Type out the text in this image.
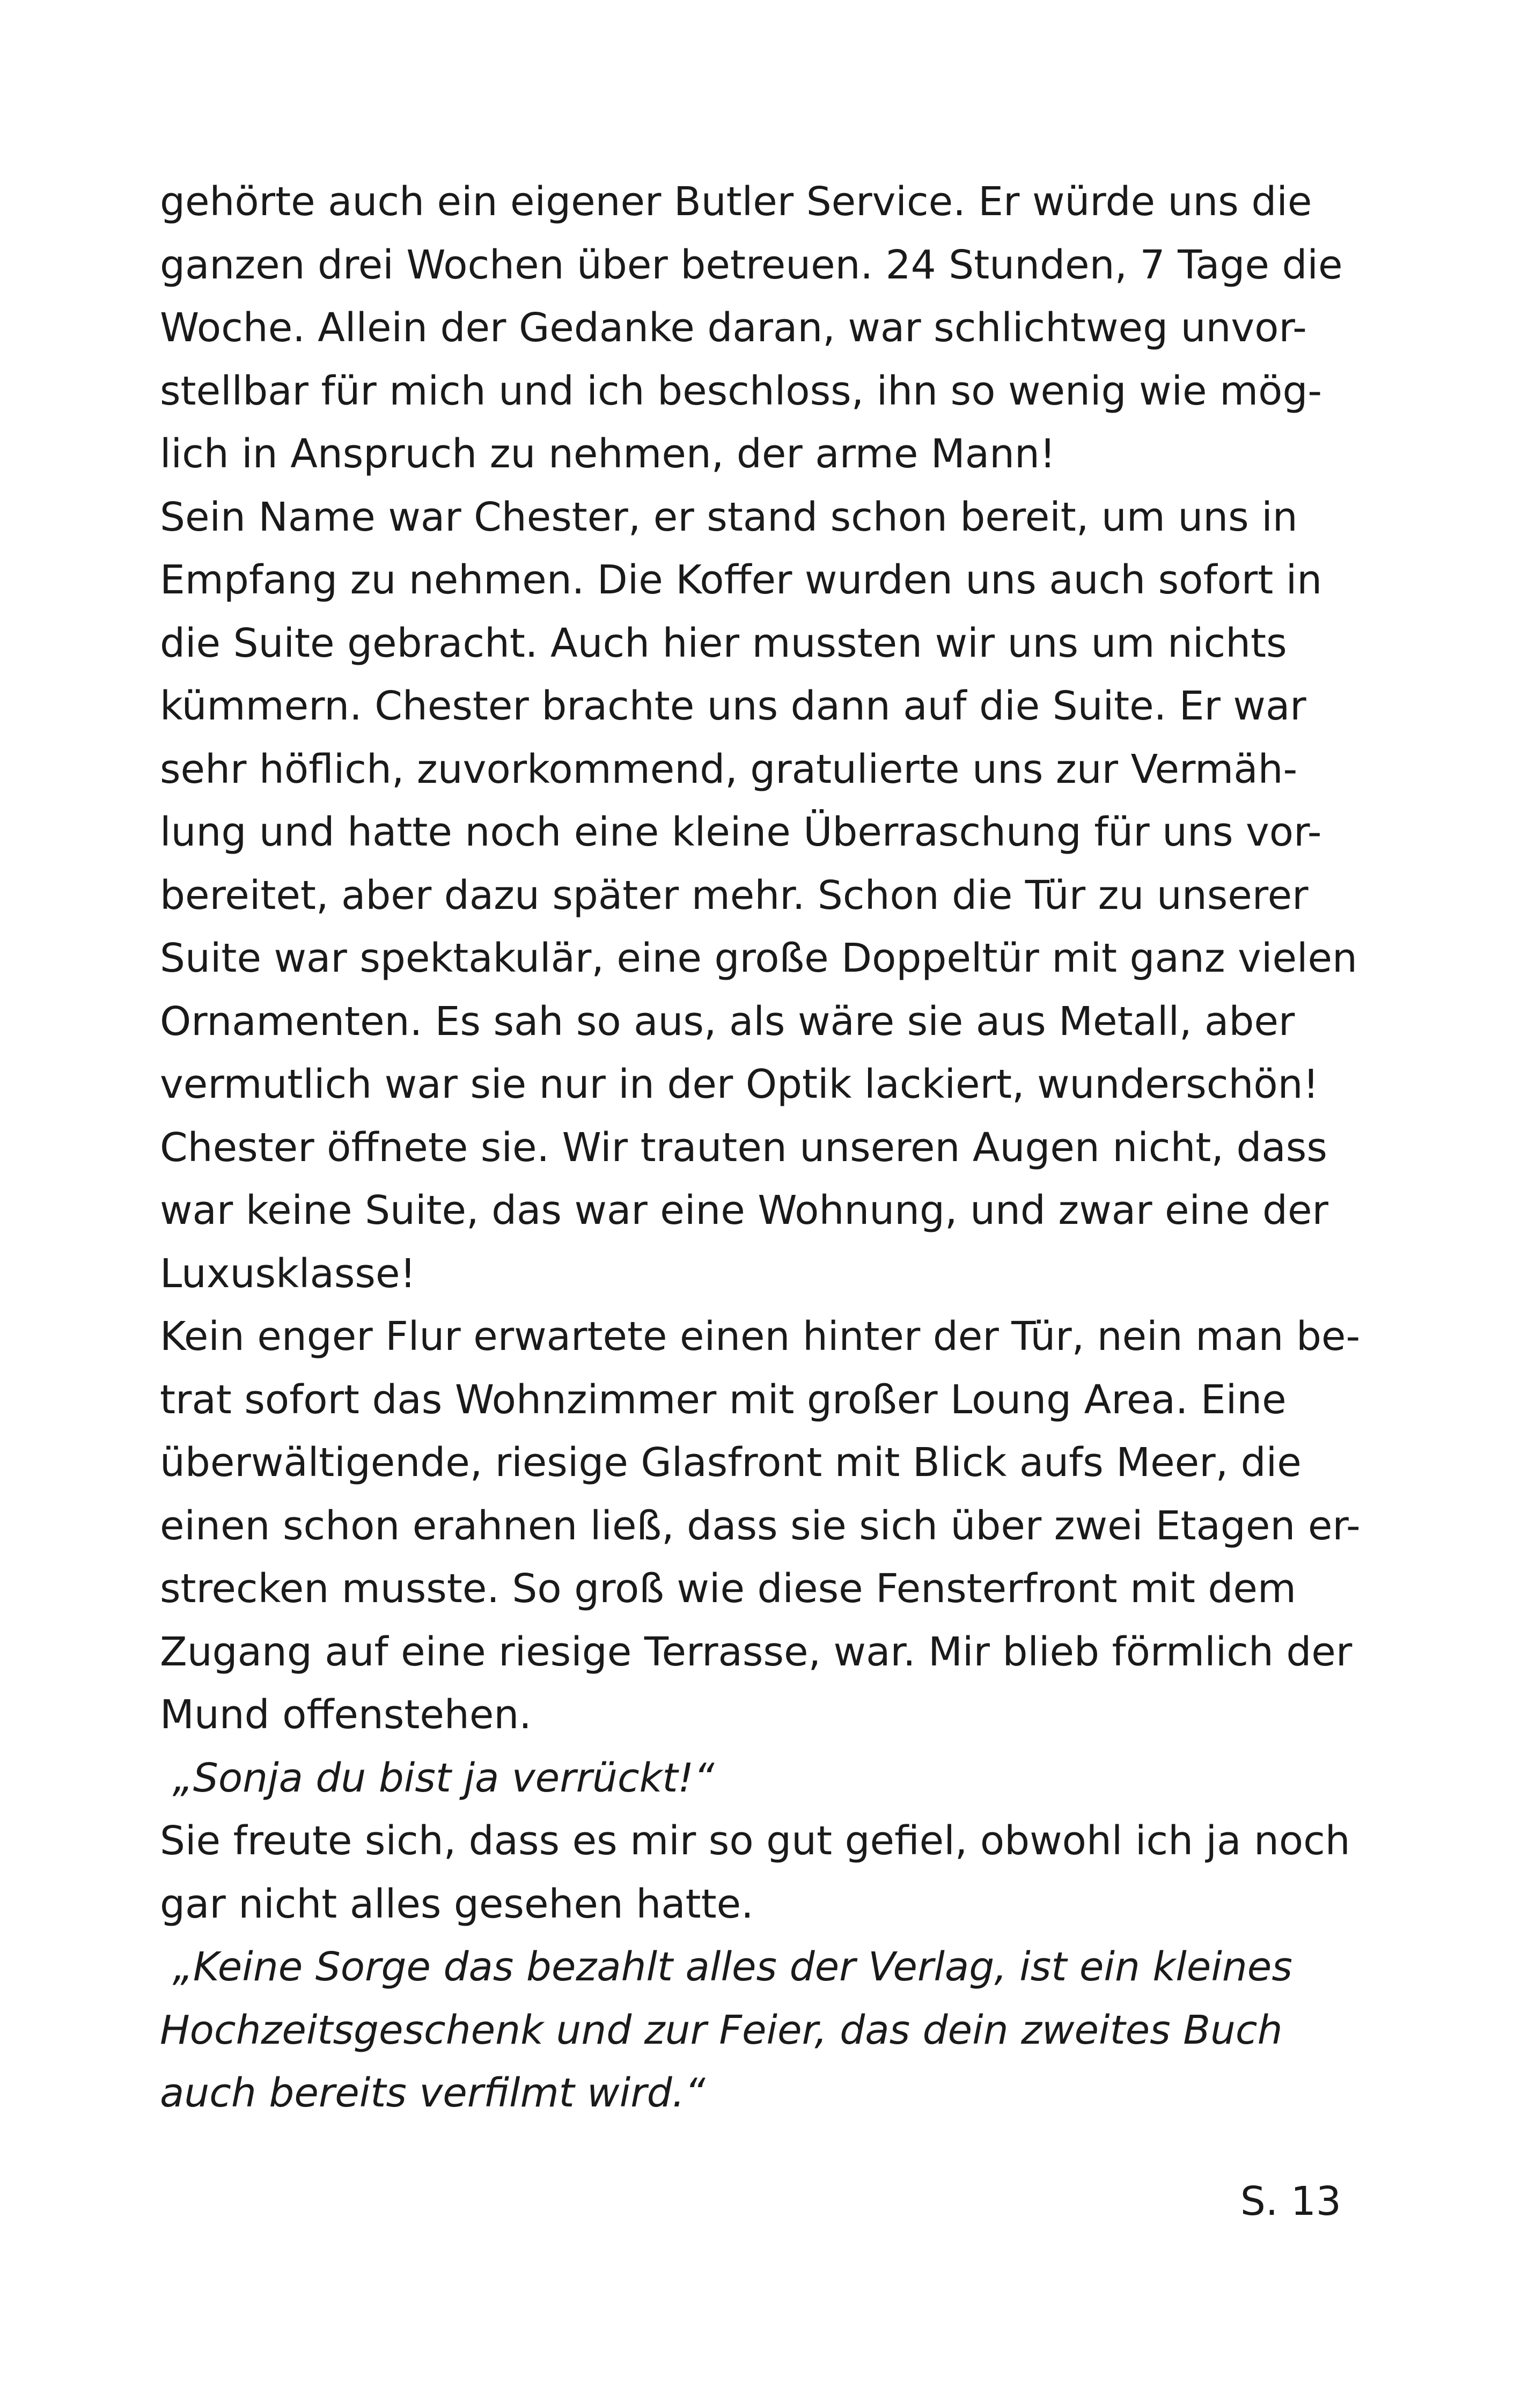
gehörte auch ein eigener Butler Service. Er würde uns die
ganzen drei Wochen über betreuen. 24 Stunden, 7 Tage die
Woche. Allein der Gedanke daran, war schlichtweg unvor-
stellbar für mich und ich beschloss, ihn so wenig wie mög-
lich in Anspruch zu nehmen, der arme Mann!
Sein Name war Chester, er stand schon bereit, um uns in
Empfang zu nehmen. Die Koffer wurden uns auch sofort in
die Suite gebracht. Auch hier mussten wir uns um nichts
kümmern. Chester brachte uns dann auf die Suite. Er war
sehr höflich, zuvorkommend, gratulierte uns zur Vermäh-
lung und hatte noch eine kleine Überraschung für uns vor-
bereitet, aber dazu später mehr. Schon die Tür zu unserer
Suite war spektakulär, eine große Doppeltür mit ganz vielen
Ornamenten. Es sah so aus, als wäre sie aus Metall, aber
vermutlich war sie nur in der Optik lackiert, wunderschön!
Chester öffnete sie. Wir trauten unseren Augen nicht, dass
war keine Suite, das war eine Wohnung, und zwar eine der
Luxusklasse!
Kein enger Flur erwartete einen hinter der Tür, nein man be-
trat sofort das Wohnzimmer mit großer Loung Area. Eine
überwältigende, riesige Glasfront mit Blick aufs Meer, die
einen schon erahnen ließ, dass sie sich über zwei Etagen er-
strecken musste. So groß wie diese Fensterfront mit dem
Zugang auf eine riesige Terrasse, war. Mir blieb förmlich der
Mund offenstehen.
„Sonja du bist ja verrückt!“
Sie freute sich, dass es mir so gut gefiel, obwohl ich ja noch
gar nicht alles gesehen hatte.
„Keine Sorge das bezahlt alles der Verlag, ist ein kleines
Hochzeitsgeschenk und zur Feier, das dein zweites Buch
auch bereits verfilmt wird.“
S. 13
